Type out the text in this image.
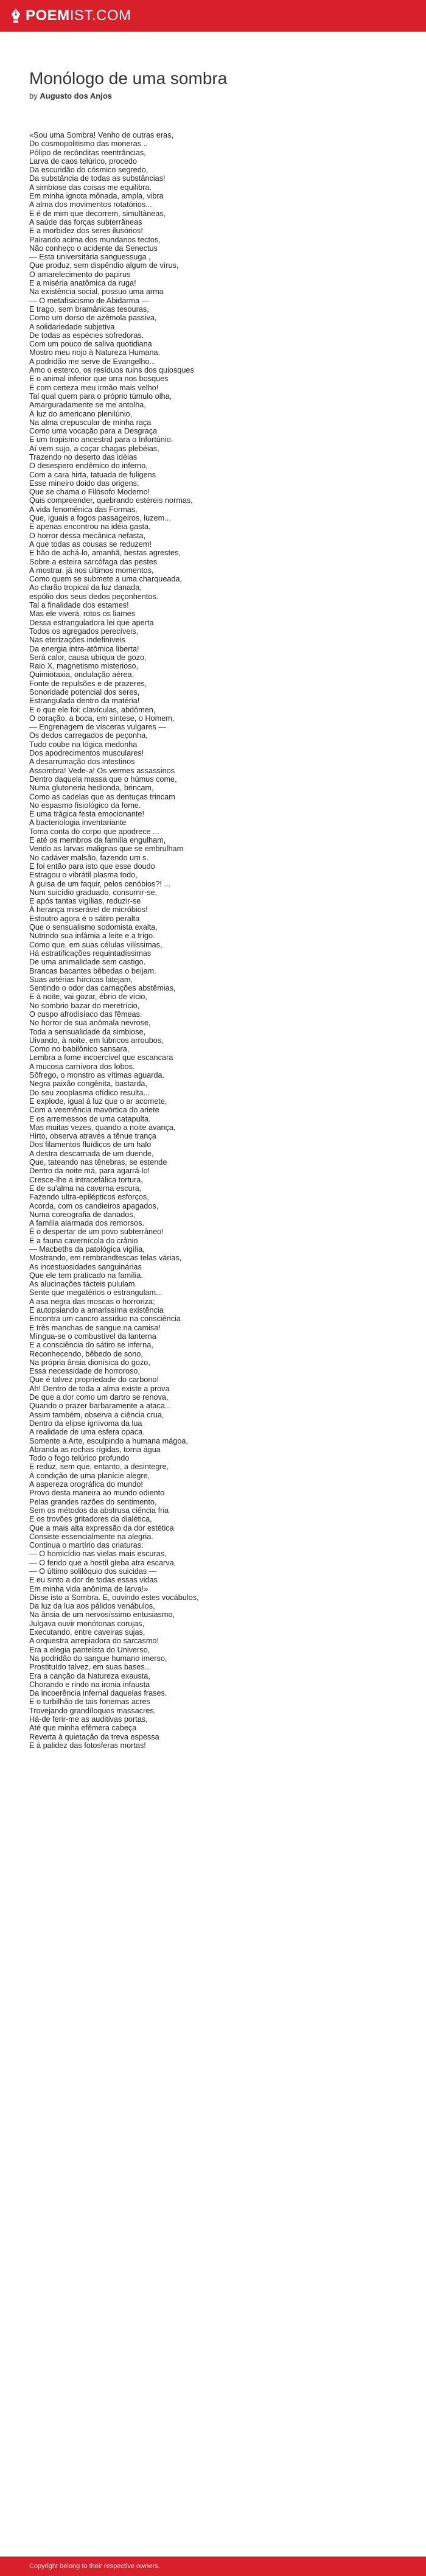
POEMIST.COM
Monólogo de uma sombra
by Augusto dos Anjos
«Sou uma Sombra! Venho de outras eras,
Do cosmopolitismo das moneras...
Pólipo de recônditas reentrâncias,
Larva de caos telúrico, procedo
Da escuridão do cósmico segredo,
Da substância de todas as substâncias!
A simbiose das coisas me equilibra.
Em minha ignota mônada, ampla, vibra
A alma dos movimentos rotatórios...
E é de mim que decorrem, simultâneas,
A saúde das forças subterrâneas
E a morbidez dos seres ilusórios!
Pairando acima dos mundanos tectos,
Não conheço o acidente da Senectus
— Esta universitária sanguessuga ,
Que produz, sem dispêndio algum de vírus,
O amarelecimento do papirus
E a miséria anatômica da ruga!
Na existência social, possuo uma arma
— O metafisicismo de Abidarma —
E trago, sem bramânicas tesouras,
Como um dorso de azêmola passiva,
A solidariedade subjetiva
De todas as espécies sofredoras.
Com um pouco de saliva quotidiana
Mostro meu nojo à Natureza Humana.
A podridão me serve de Evangelho...
Amo o esterco, os resíduos ruins dos quiosques
E o animal inferior que urra nos bosques
É com certeza meu irmão mais velho!
Tal qual quem para o próprio túmulo olha,
Amarguradamente se me antolha,
À luz do americano plenilúnio,
Na alma crepuscular de minha raça
Como uma vocação para a Desgraça
E um tropismo ancestral para o Infortúnio.
Aí vem sujo, a coçar chagas plebéias,
Trazendo no deserto das idéias
O desespero endêmico do inferno,
Com a cara hirta, tatuada de fuligens
Esse mineiro doido das origens,
Que se chama o Filósofo Moderno!
Quis compreender, quebrando estéreis normas,
A vida fenomênica das Formas,
Que, iguais a fogos passageiros, luzem...
E apenas encontrou na idéia gasta,
O horror dessa mecânica nefasta,
A que todas as cousas se reduzem!
E hão de achá-lo, amanhã, bestas agrestes,
Sobre a esteira sarcófaga das pestes
A mostrar, já nos últimos momentos,
Como quem se submete a uma charqueada,
Ao clarão tropical da luz danada,
espólio dos seus dedos peçonhentos.
Tal a finalidade dos estames!
Mas ele viverá, rotos os liames
Dessa estranguladora lei que aperta
Todos os agregados perecíveis,
Nas eterizações indefiníveis
Da energia intra-atômica liberta!
Será calor, causa ubíqua de gozo,
Raio X, magnetismo misterioso,
Quimiotaxia, ondulação aérea,
Fonte de repulsões e de prazeres,
Sonoridade potencial dos seres,
Estrangulada dentro da matéria!
E o que ele foi: clavículas, abdômen,
O coração, a boca, em síntese, o Homem,
— Engrenagem de vísceras vulgares —
Os dedos carregados de peçonha,
Tudo coube na lógica medonha
Dos apodrecimentos musculares!
A desarrumação dos intestinos
Assombra! Vede-a! Os vermes assassinos
Dentro daquela massa que o húmus come,
Numa glutoneria hedionda, brincam,
Como as cadelas que as dentuças trincam
No espasmo fisiológico da fome.
É uma trágica festa emocionante!
A bacteriologia inventariante
Toma conta do corpo que apodrece ...
E até os membros da família engulham,
Vendo as larvas malignas que se embrulham
No cadáver malsão, fazendo um s.
E foi então para isto que esse doudo
Estragou o vibrátil plasma todo,
À guisa de um faquir, pelos cenóbios?! ...
Num suicídio graduado, consumir-se,
E após tantas vigílias, reduzir-se
À herança miserável de micróbios!
Estoutro agora é o sátiro peralta
Que o sensualismo sodomista exalta,
Nutrindo sua infâmia a leite e a trigo.
Como que, em suas células vilíssimas,
Há estratificações requintadíssimas
De uma animalidade sem castigo.
Brancas bacantes bêbedas o beijam.
Suas artérias hírcicas latejam,
Sentindo o odor das carnações abstêmias,
E à noite, vai gozar, ébrio de vício,
No sombrio bazar do meretrício,
O cuspo afrodisíaco das fêmeas.
No horror de sua anômala nevrose,
Toda a sensualidade da simbiose,
Uivando, à noite, em lúbricos arroubos,
Como no babilônico sansara,
Lembra a fome incoercível que escancara
A mucosa carnívora dos lobos.
Sôfrego, o monstro as vítimas aguarda.
Negra paixão congênita, bastarda,
Do seu zooplasma ofídico resulta...
E explode, igual à luz que o ar acomete,
Com a veemência mavórtica do ariete
E os arremessos de uma catapulta.
Mas muitas vezes, quando a noite avança,
Hirto, observa através a tênue trança
Dos filamentos fluídicos de um halo
A destra descarnada de um duende,
Que, tateando nas tênebras, se estende
Dentro da noite má, para agarrá-lo!
Cresce-lhe a intracefálica tortura,
E de su'alma na caverna escura,
Fazendo ultra-epilépticos esforços,
Acorda, com os candieiros apagados,
Numa coreografia de danados,
A família alarmada dos remorsos.
É o despertar de um povo subterrâneo!
É a fauna cavernícola do crânio
— Macbeths da patológica vigília,
Mostrando, em rembrandtescas telas várias,
As incestuosidades sanguinárias
Que ele tem praticado na família.
As alucinações tácteis pululam.
Sente que megatérios o estrangulam...
A asa negra das moscas o horroriza;
E autopsiando a amaríssima existência
Encontra um cancro assíduo na consciência
E três manchas de sangue na camisa!
Míngua-se o combustível da lanterna
E a consciência do sátiro se inferna,
Reconhecendo, bêbedo de sono,
Na própria ânsia dionísica do gozo,
Essa necessidade de horroroso,
Que é talvez propriedade do carbono!
Ah! Dentro de toda a alma existe a prova
De que a dor como um dartro se renova,
Quando o prazer barbaramente a ataca...
Assim também, observa a ciência crua,
Dentro da elipse ignívoma da lua
A realidade de uma esfera opaca.
Somente a Arte, esculpindo a humana mágoa,
Abranda as rochas rígidas, torna água
Todo o fogo telúrico profundo
E reduz, sem que, entanto, a desintegre,
À condição de uma planície alegre,
A aspereza orográfica do mundo!
Provo desta maneira ao mundo odiento
Pelas grandes razões do sentimento,
Sem os métodos da abstrusa ciência fria
E os trovões gritadores da dialética,
Que a mais alta expressão da dor estética
Consiste essencialmente na alegria.
Continua o martírio das criaturas:
— O homicídio nas vielas mais escuras,
— O ferido que a hostil gleba atra escarva,
— O último solilóquio dos suicidas —
E eu sinto a dor de todas essas vidas
Em minha vida anônima de larva!»
Disse isto a Sombra. E, ouvindo estes vocábulos,
Da luz da lua aos pálidos venábulos,
Na ânsia de um nervosíssimo entusiasmo,
Julgava ouvir monótonas corujas,
Executando, entre caveiras sujas,
A orquestra arrepiadora do sarcasmo!
Era a elegia panteísta do Universo,
Na podridão do sangue humano imerso,
Prostituído talvez, em suas bases...
Era a canção da Natureza exausta,
Chorando e rindo na ironia infausta
Da incoerência infernal daquelas frases.
E o turbilhão de tais fonemas acres
Trovejando grandíloquos massacres,
Há-de ferir-me as auditivas portas,
Até que minha efêmera cabeça
Reverta à quietação da treva espessa
E à palidez das fotosferas mortas!
Copyright belong to their respective owners.
